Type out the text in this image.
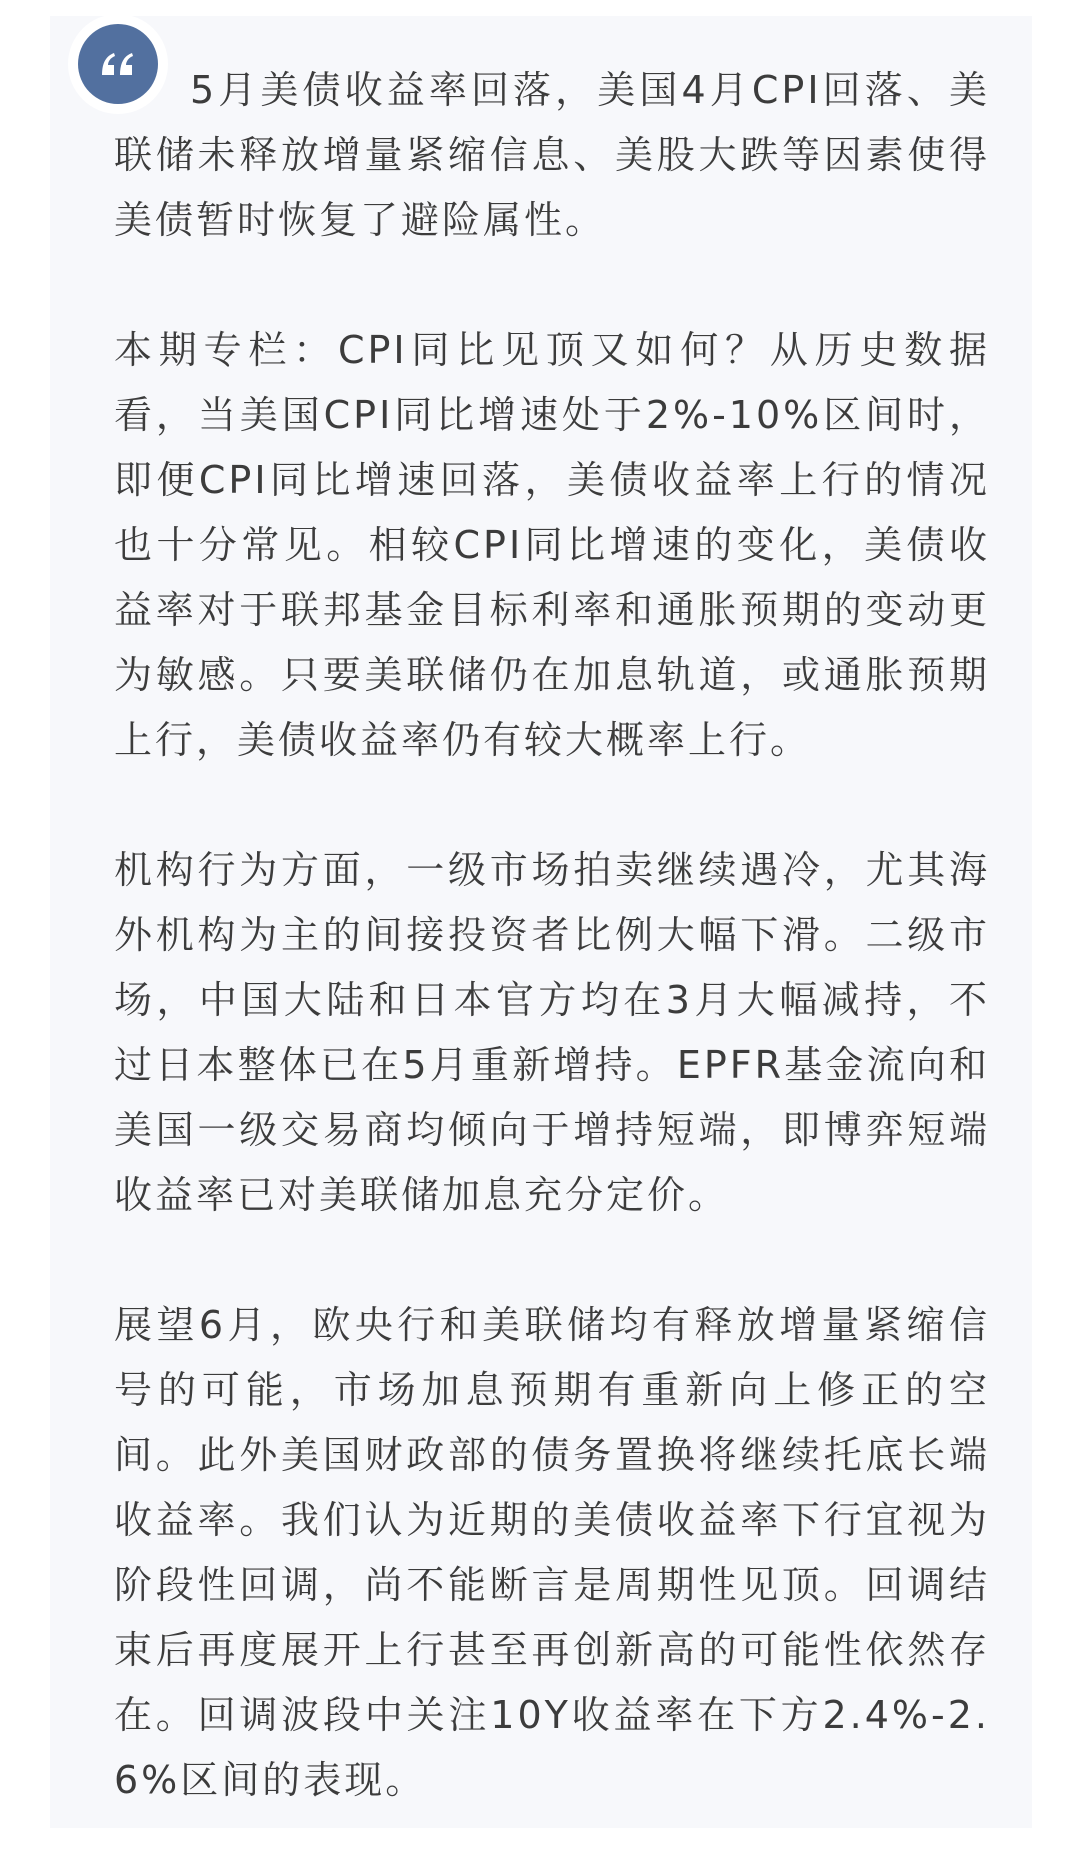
5月美债收益率回落，美国4月CPI回落、美联储未释放增量紧缩信息、美股大跌等因素使得美债暂时恢复了避险属性。

本期专栏：CPI同比见顶又如何？从历史数据看，当美国CPI同比增速处于2%-10%区间时，即便CPI同比增速回落，美债收益率上行的情况也十分常见。相较CPI同比增速的变化，美债收益率对于联邦基金目标利率和通胀预期的变动更为敏感。只要美联储仍在加息轨道，或通胀预期上行，美债收益率仍有较大概率上行。

机构行为方面，一级市场拍卖继续遇冷，尤其海外机构为主的间接投资者比例大幅下滑。二级市场，中国大陆和日本官方均在3月大幅减持，不过日本整体已在5月重新增持。EPFR基金流向和美国一级交易商均倾向于增持短端，即博弈短端收益率已对美联储加息充分定价。

展望6月，欧央行和美联储均有释放增量紧缩信号的可能，市场加息预期有重新向上修正的空间。此外美国财政部的债务置换将继续托底长端收益率。我们认为近期的美债收益率下行宜视为阶段性回调，尚不能断言是周期性见顶。回调结束后再度展开上行甚至再创新高的可能性依然存在。回调波段中关注10Y收益率在下方2.4%-2.6%区间的表现。
